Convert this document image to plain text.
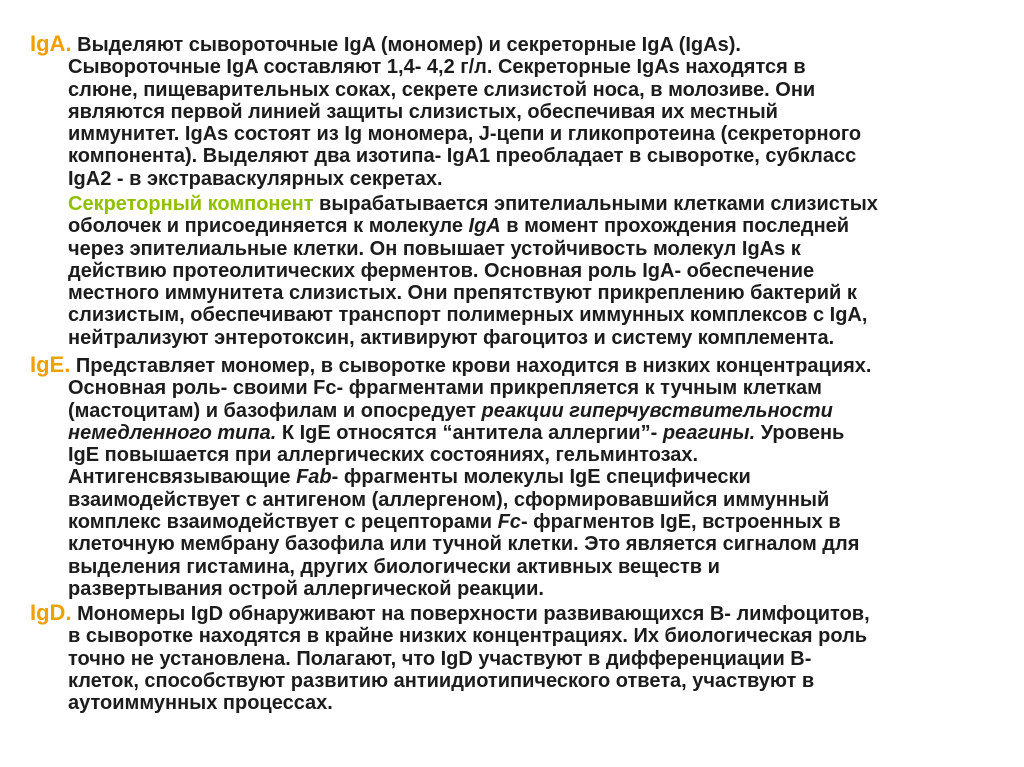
IgA. Выделяют сывороточные IgA (мономер) и секреторные IgA (IgAs).
Сывороточные IgA составляют 1,4- 4,2 г/л. Секреторные IgAs находятся в
слюне, пищеварительных соках, секрете слизистой носа, в молозиве. Они
являются первой линией защиты слизистых, обеспечивая их местный
иммунитет. IgAs состоят из Ig мономера, J-цепи и гликопротеина (секреторного
компонента). Выделяют два изотипа- IgA1 преобладает в сыворотке, субкласс
IgA2 - в экстраваскулярных секретах.
Секреторный компонент вырабатывается эпителиальными клетками слизистых
оболочек и присоединяется к молекуле IgA в момент прохождения последней
через эпителиальные клетки. Он повышает устойчивость молекул IgAs к
действию протеолитических ферментов. Основная роль IgA- обеспечение
местного иммунитета слизистых. Они препятствуют прикреплению бактерий к
слизистым, обеспечивают транспорт полимерных иммунных комплексов с IgA,
нейтрализуют энтеротоксин, активируют фагоцитоз и систему комплемента.
IgE. Представляет мономер, в сыворотке крови находится в низких концентрациях.
Основная роль- своими Fc- фрагментами прикрепляется к тучным клеткам
(мастоцитам) и базофилам и опосредует реакции гиперчувствительности
немедленного типа. К IgE относятся “антитела аллергии”- реагины. Уровень
IgE повышается при аллергических состояниях, гельминтозах.
Антигенсвязывающие Fab- фрагменты молекулы IgE специфически
взаимодействует с антигеном (аллергеном), сформировавшийся иммунный
комплекс взаимодействует с рецепторами Fc- фрагментов IgE, встроенных в
клеточную мембрану базофила или тучной клетки. Это является сигналом для
выделения гистамина, других биологически активных веществ и
развертывания острой аллергической реакции.
IgD. Мономеры IgD обнаруживают на поверхности развивающихся В- лимфоцитов,
в сыворотке находятся в крайне низких концентрациях. Их биологическая роль
точно не установлена. Полагают, что IgD участвуют в дифференциации В-
клеток, способствуют развитию антиидиотипического ответа, участвуют в
аутоиммунных процессах.
